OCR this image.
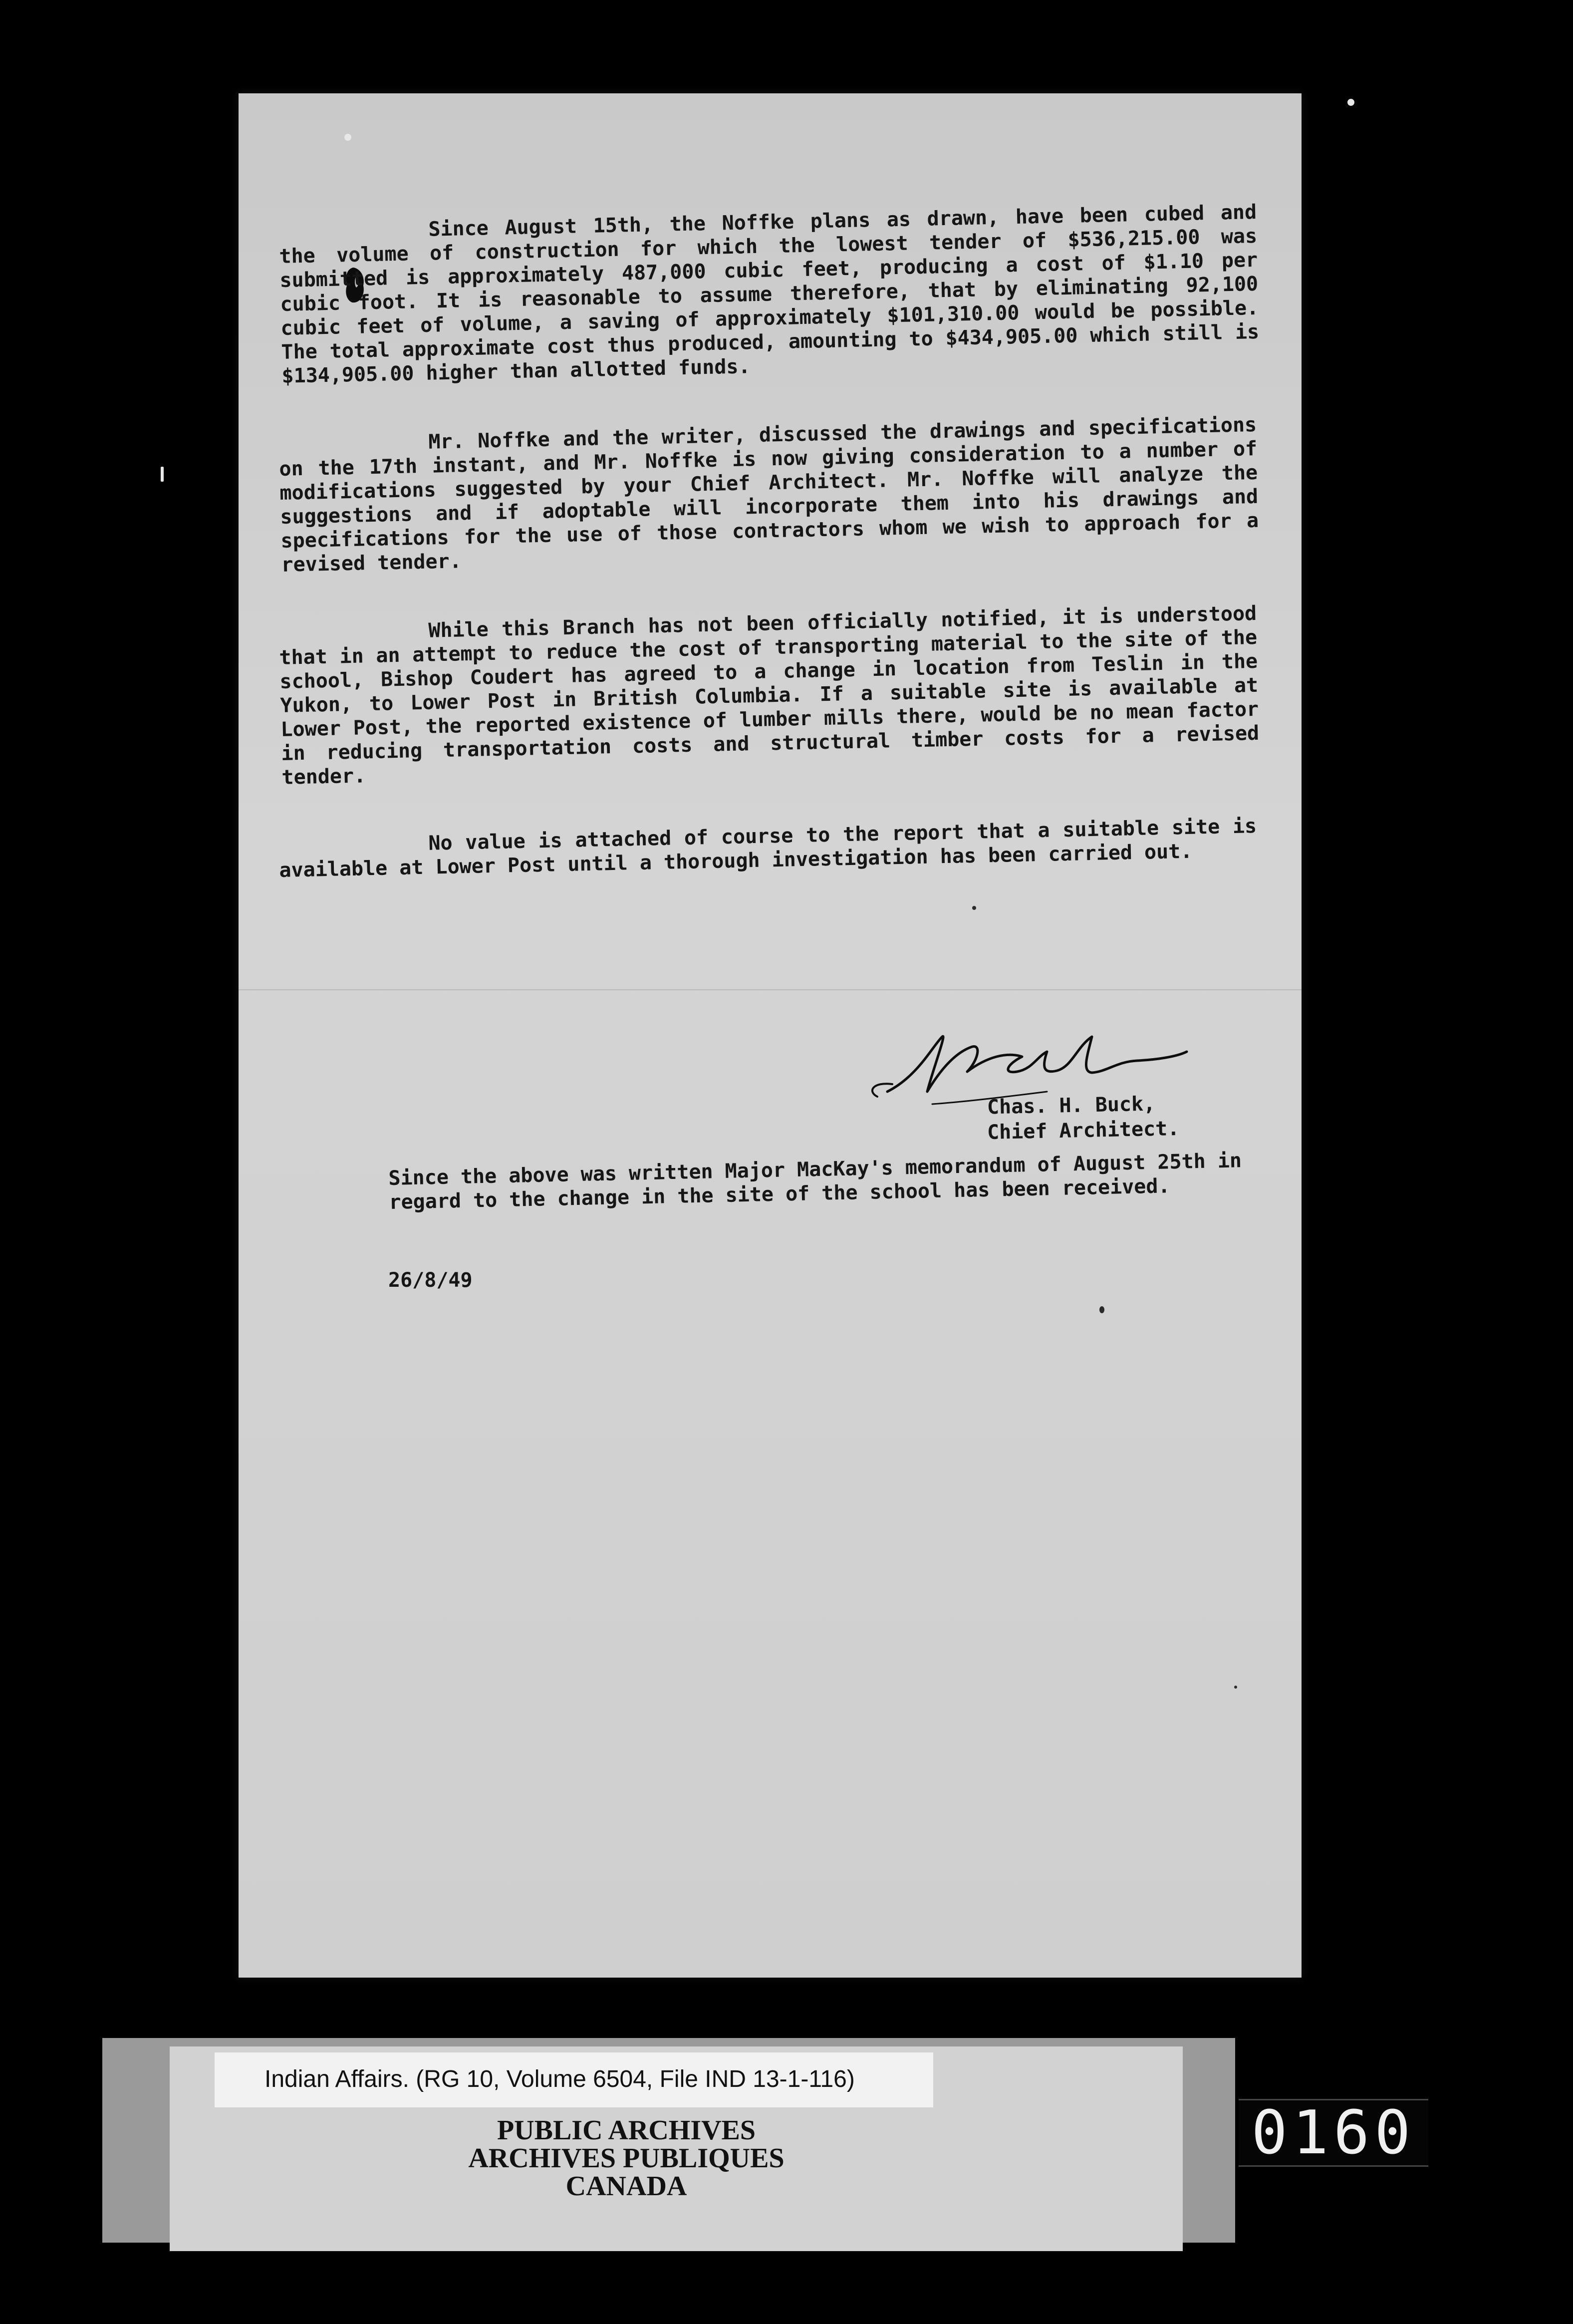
Since August 15th, the Noffke plans as drawn, have been cubed and the volume of construction for which the lowest tender of $536,215.00 was submitted is approximately 487,000 cubic feet, producing a cost of $1.10 per cubic foot. It is reasonable to assume therefore, that by eliminating 92,100 cubic feet of volume, a saving of approximately $101,310.00 would be possible. The total approximate cost thus produced, amounting to $434,905.00 which still is $134,905.00 higher than allotted funds.

Mr. Noffke and the writer, discussed the drawings and specifications on the 17th instant, and Mr. Noffke is now giving consideration to a number of modifications suggested by your Chief Architect. Mr. Noffke will analyze the suggestions and if adoptable will incorporate them into his drawings and specifications for the use of those contractors whom we wish to approach for a revised tender.

While this Branch has not been officially notified, it is understood that in an attempt to reduce the cost of transporting material to the site of the school, Bishop Coudert has agreed to a change in location from Teslin in the Yukon, to Lower Post in British Columbia. If a suitable site is available at Lower Post, the reported existence of lumber mills there, would be no mean factor in reducing transportation costs and structural timber costs for a revised tender.

No value is attached of course to the report that a suitable site is available at Lower Post until a thorough investigation has been carried out.

Chas. H. Buck,
Chief Architect.
Since the above was written Major MacKay's memorandum of August 25th in regard to the change in the site of the school has been received.
26/8/49
Indian Affairs. (RG 10, Volume 6504, File IND 13-1-116)
PUBLIC ARCHIVES
ARCHIVES PUBLIQUES
CANADA
0160
